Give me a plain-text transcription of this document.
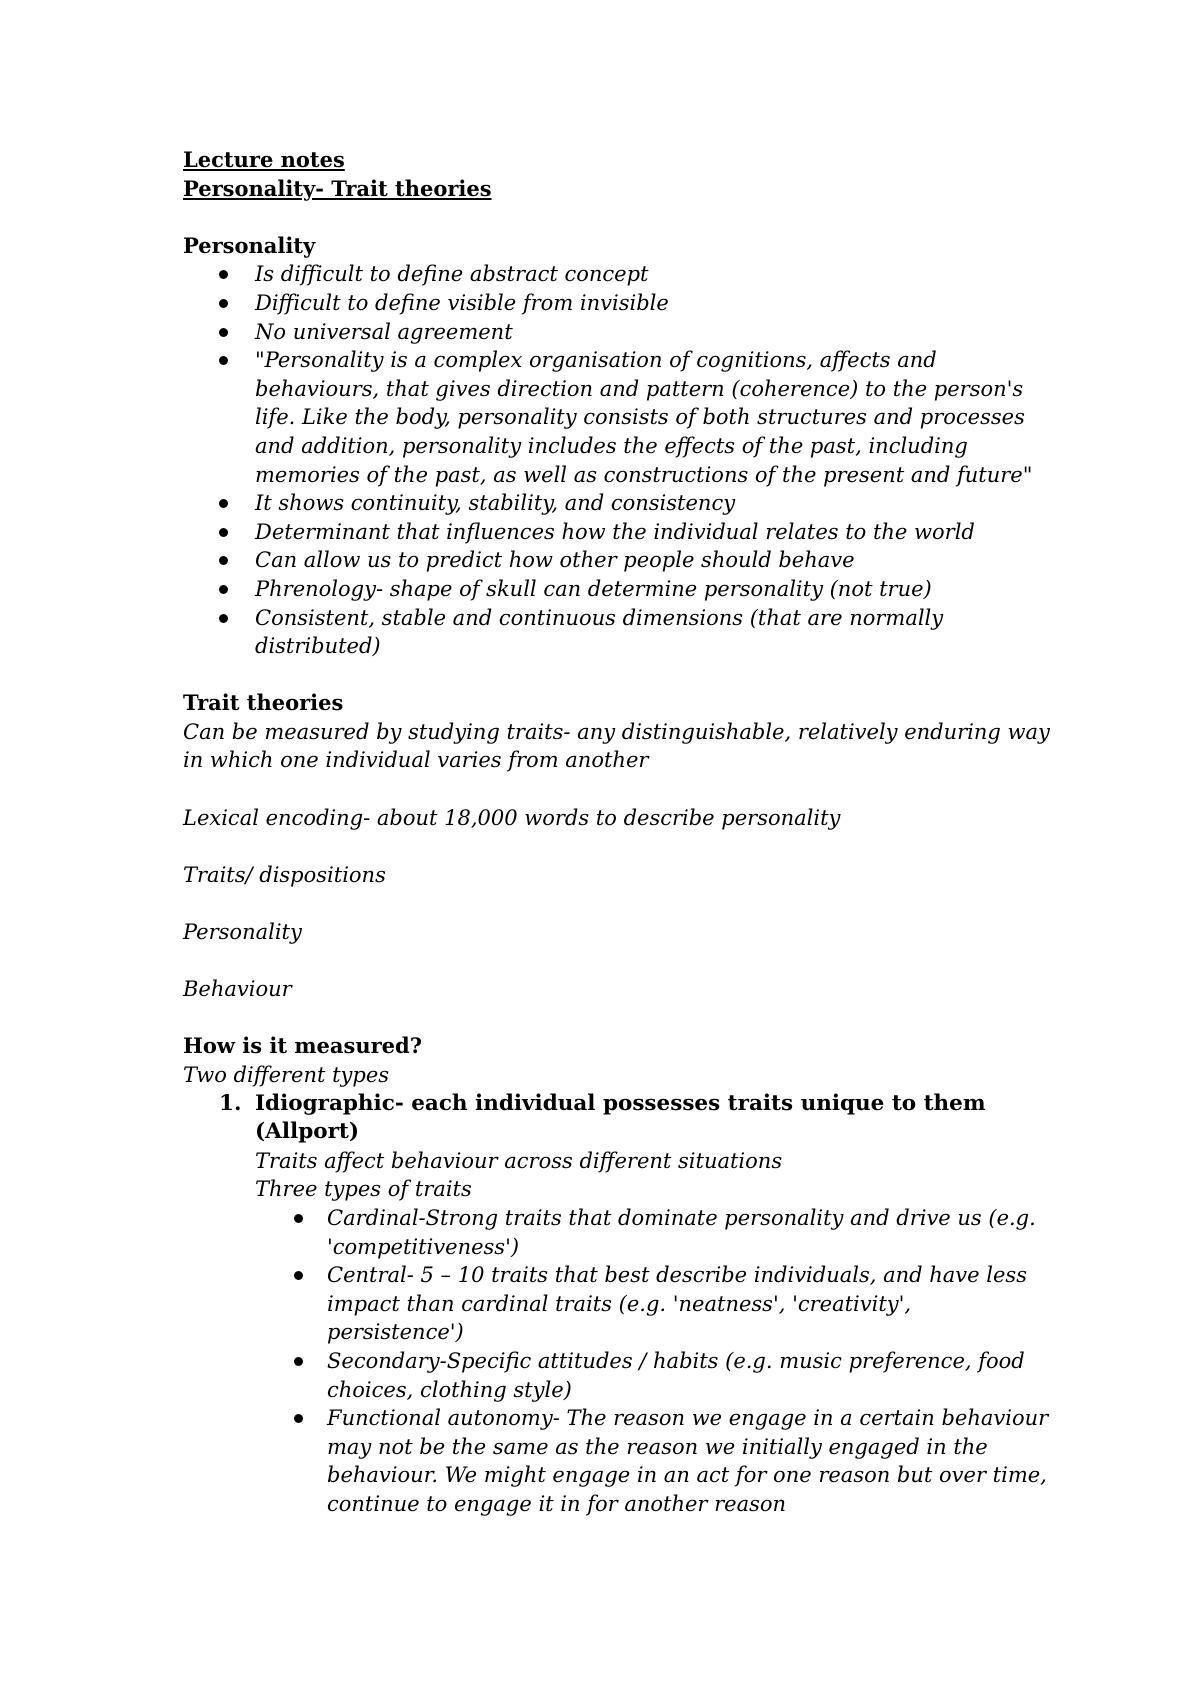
Lecture notes

Personality- Trait theories

Personality

Is difficult to define abstract concept
Difficult to define visible from invisible
No universal agreement
"Personality is a complex organisation of cognitions, affects and behaviours, that gives direction and pattern (coherence) to the person's life. Like the body, personality consists of both structures and processes and addition, personality includes the effects of the past, including memories of the past, as well as constructions of the present and future"
It shows continuity, stability, and consistency
Determinant that influences how the individual relates to the world
Can allow us to predict how other people should behave
Phrenology- shape of skull can determine personality (not true)
Consistent, stable and continuous dimensions (that are normally distributed)

Trait theories

Can be measured by studying traits- any distinguishable, relatively enduring way in which one individual varies from another

Lexical encoding- about 18,000 words to describe personality

Traits/ dispositions

Personality

Behaviour

How is it measured?

Two different types

1. Idiographic- each individual possesses traits unique to them (Allport)

Traits affect behaviour across different situations

Three types of traits

Cardinal-Strong traits that dominate personality and drive us (e.g. 'competitiveness')
Central- 5 – 10 traits that best describe individuals, and have less impact than cardinal traits (e.g. 'neatness', 'creativity', persistence')
Secondary-Specific attitudes / habits (e.g. music preference, food choices, clothing style)
Functional autonomy- The reason we engage in a certain behaviour may not be the same as the reason we initially engaged in the behaviour. We might engage in an act for one reason but over time, continue to engage it in for another reason
